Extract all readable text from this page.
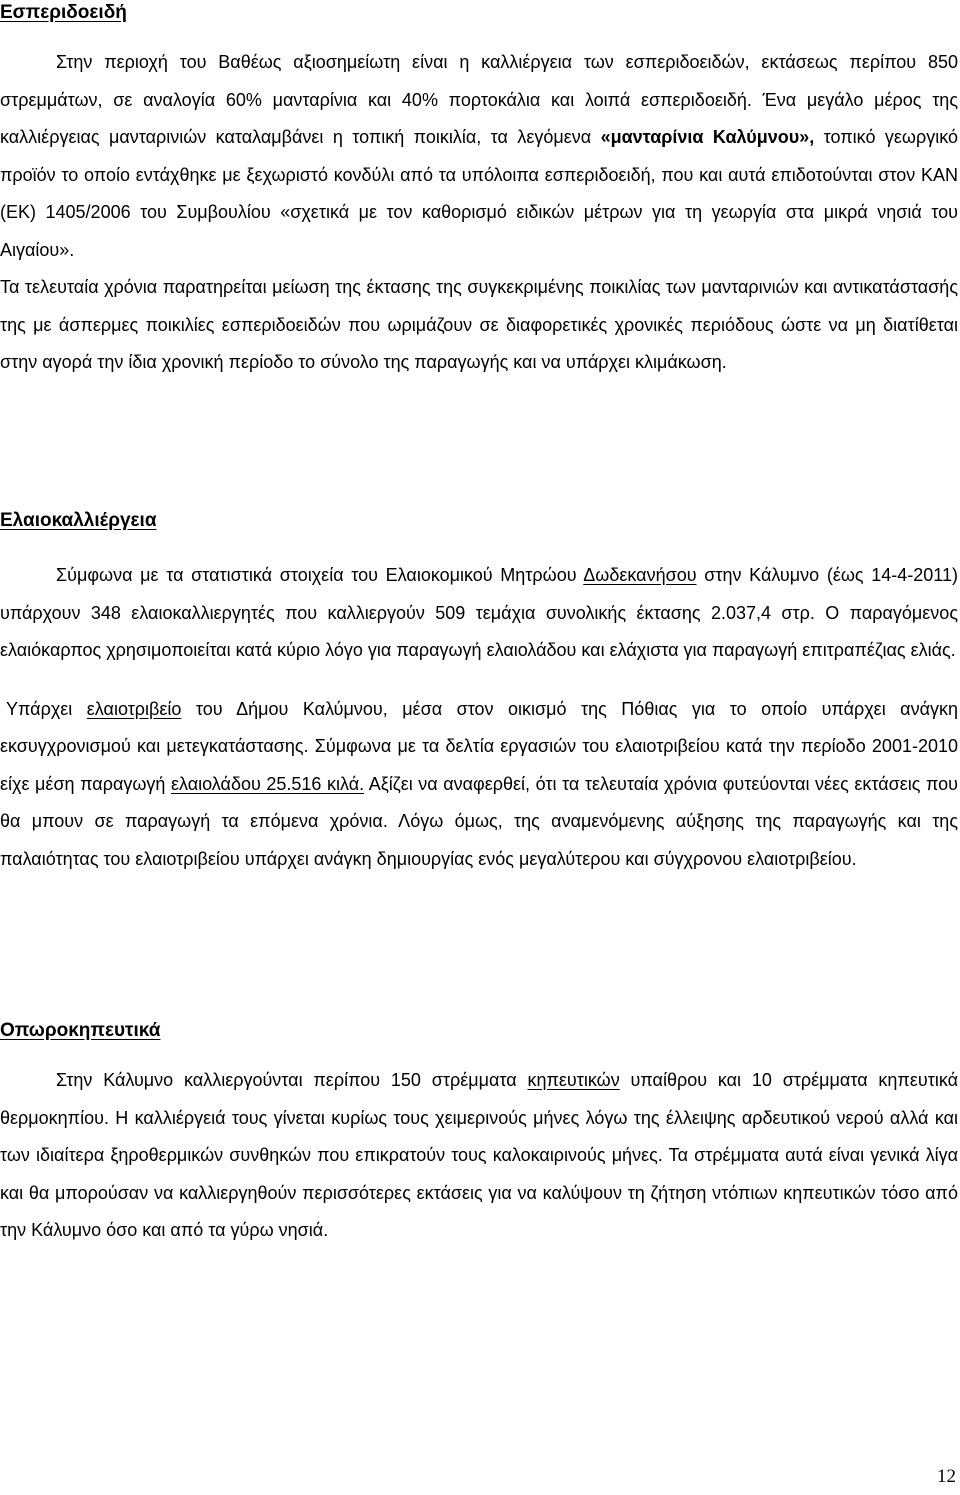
Εσπεριδοειδή

Στην περιοχή του Βαθέως αξιοσημείωτη είναι η καλλιέργεια των εσπεριδοειδών, εκτάσεως περίπου 850 στρεμμάτων, σε αναλογία 60% μανταρίνια και 40% πορτοκάλια και λοιπά εσπεριδοειδή. Ένα μεγάλο μέρος της καλλιέργειας μανταρινιών καταλαμβάνει η τοπική ποικιλία, τα λεγόμενα «μανταρίνια Καλύμνου», τοπικό γεωργικό προϊόν το οποίο εντάχθηκε με ξεχωριστό κονδύλι από τα υπόλοιπα εσπεριδοειδή, που και αυτά επιδοτούνται στον ΚΑΝ (ΕΚ) 1405/2006 του Συμβουλίου «σχετικά με τον καθορισμό ειδικών μέτρων για τη γεωργία στα μικρά νησιά του Αιγαίου».

Τα τελευταία χρόνια παρατηρείται μείωση της έκτασης της συγκεκριμένης ποικιλίας των μανταρινιών και αντικατάστασής της με άσπερμες ποικιλίες εσπεριδοειδών που ωριμάζουν σε διαφορετικές χρονικές περιόδους ώστε να μη διατίθεται στην αγορά την ίδια χρονική περίοδο το σύνολο της παραγωγής και να υπάρχει κλιμάκωση.

Ελαιοκαλλιέργεια

Σύμφωνα με τα στατιστικά στοιχεία του Ελαιοκομικού Μητρώου Δωδεκανήσου στην Κάλυμνο (έως 14-4-2011) υπάρχουν 348 ελαιοκαλλιεργητές που καλλιεργούν 509 τεμάχια συνολικής έκτασης 2.037,4 στρ. Ο παραγόμενος ελαιόκαρπος χρησιμοποιείται κατά κύριο λόγο για παραγωγή ελαιολάδου και ελάχιστα για παραγωγή επιτραπέζιας ελιάς.

Υπάρχει ελαιοτριβείο του Δήμου Καλύμνου, μέσα στον οικισμό της Πόθιας για το οποίο υπάρχει ανάγκη εκσυγχρονισμού και μετεγκατάστασης. Σύμφωνα με τα δελτία εργασιών του ελαιοτριβείου κατά την περίοδο 2001-2010 είχε μέση παραγωγή ελαιολάδου 25.516 κιλά. Αξίζει να αναφερθεί, ότι τα τελευταία χρόνια φυτεύονται νέες εκτάσεις που θα μπουν σε παραγωγή τα επόμενα χρόνια. Λόγω όμως, της αναμενόμενης αύξησης της παραγωγής και της παλαιότητας του ελαιοτριβείου υπάρχει ανάγκη δημιουργίας ενός μεγαλύτερου και σύγχρονου ελαιοτριβείου.

Οπωροκηπευτικά

Στην Κάλυμνο καλλιεργούνται περίπου 150 στρέμματα κηπευτικών υπαίθρου και 10 στρέμματα κηπευτικά θερμοκηπίου. Η καλλιέργειά τους γίνεται κυρίως τους χειμερινούς μήνες λόγω της έλλειψης αρδευτικού νερού αλλά και των ιδιαίτερα ξηροθερμικών συνθηκών που επικρατούν τους καλοκαιρινούς μήνες. Τα στρέμματα αυτά είναι γενικά λίγα και θα μπορούσαν να καλλιεργηθούν περισσότερες εκτάσεις για να καλύψουν τη ζήτηση ντόπιων κηπευτικών τόσο από την Κάλυμνο όσο και από τα γύρω νησιά.

12
